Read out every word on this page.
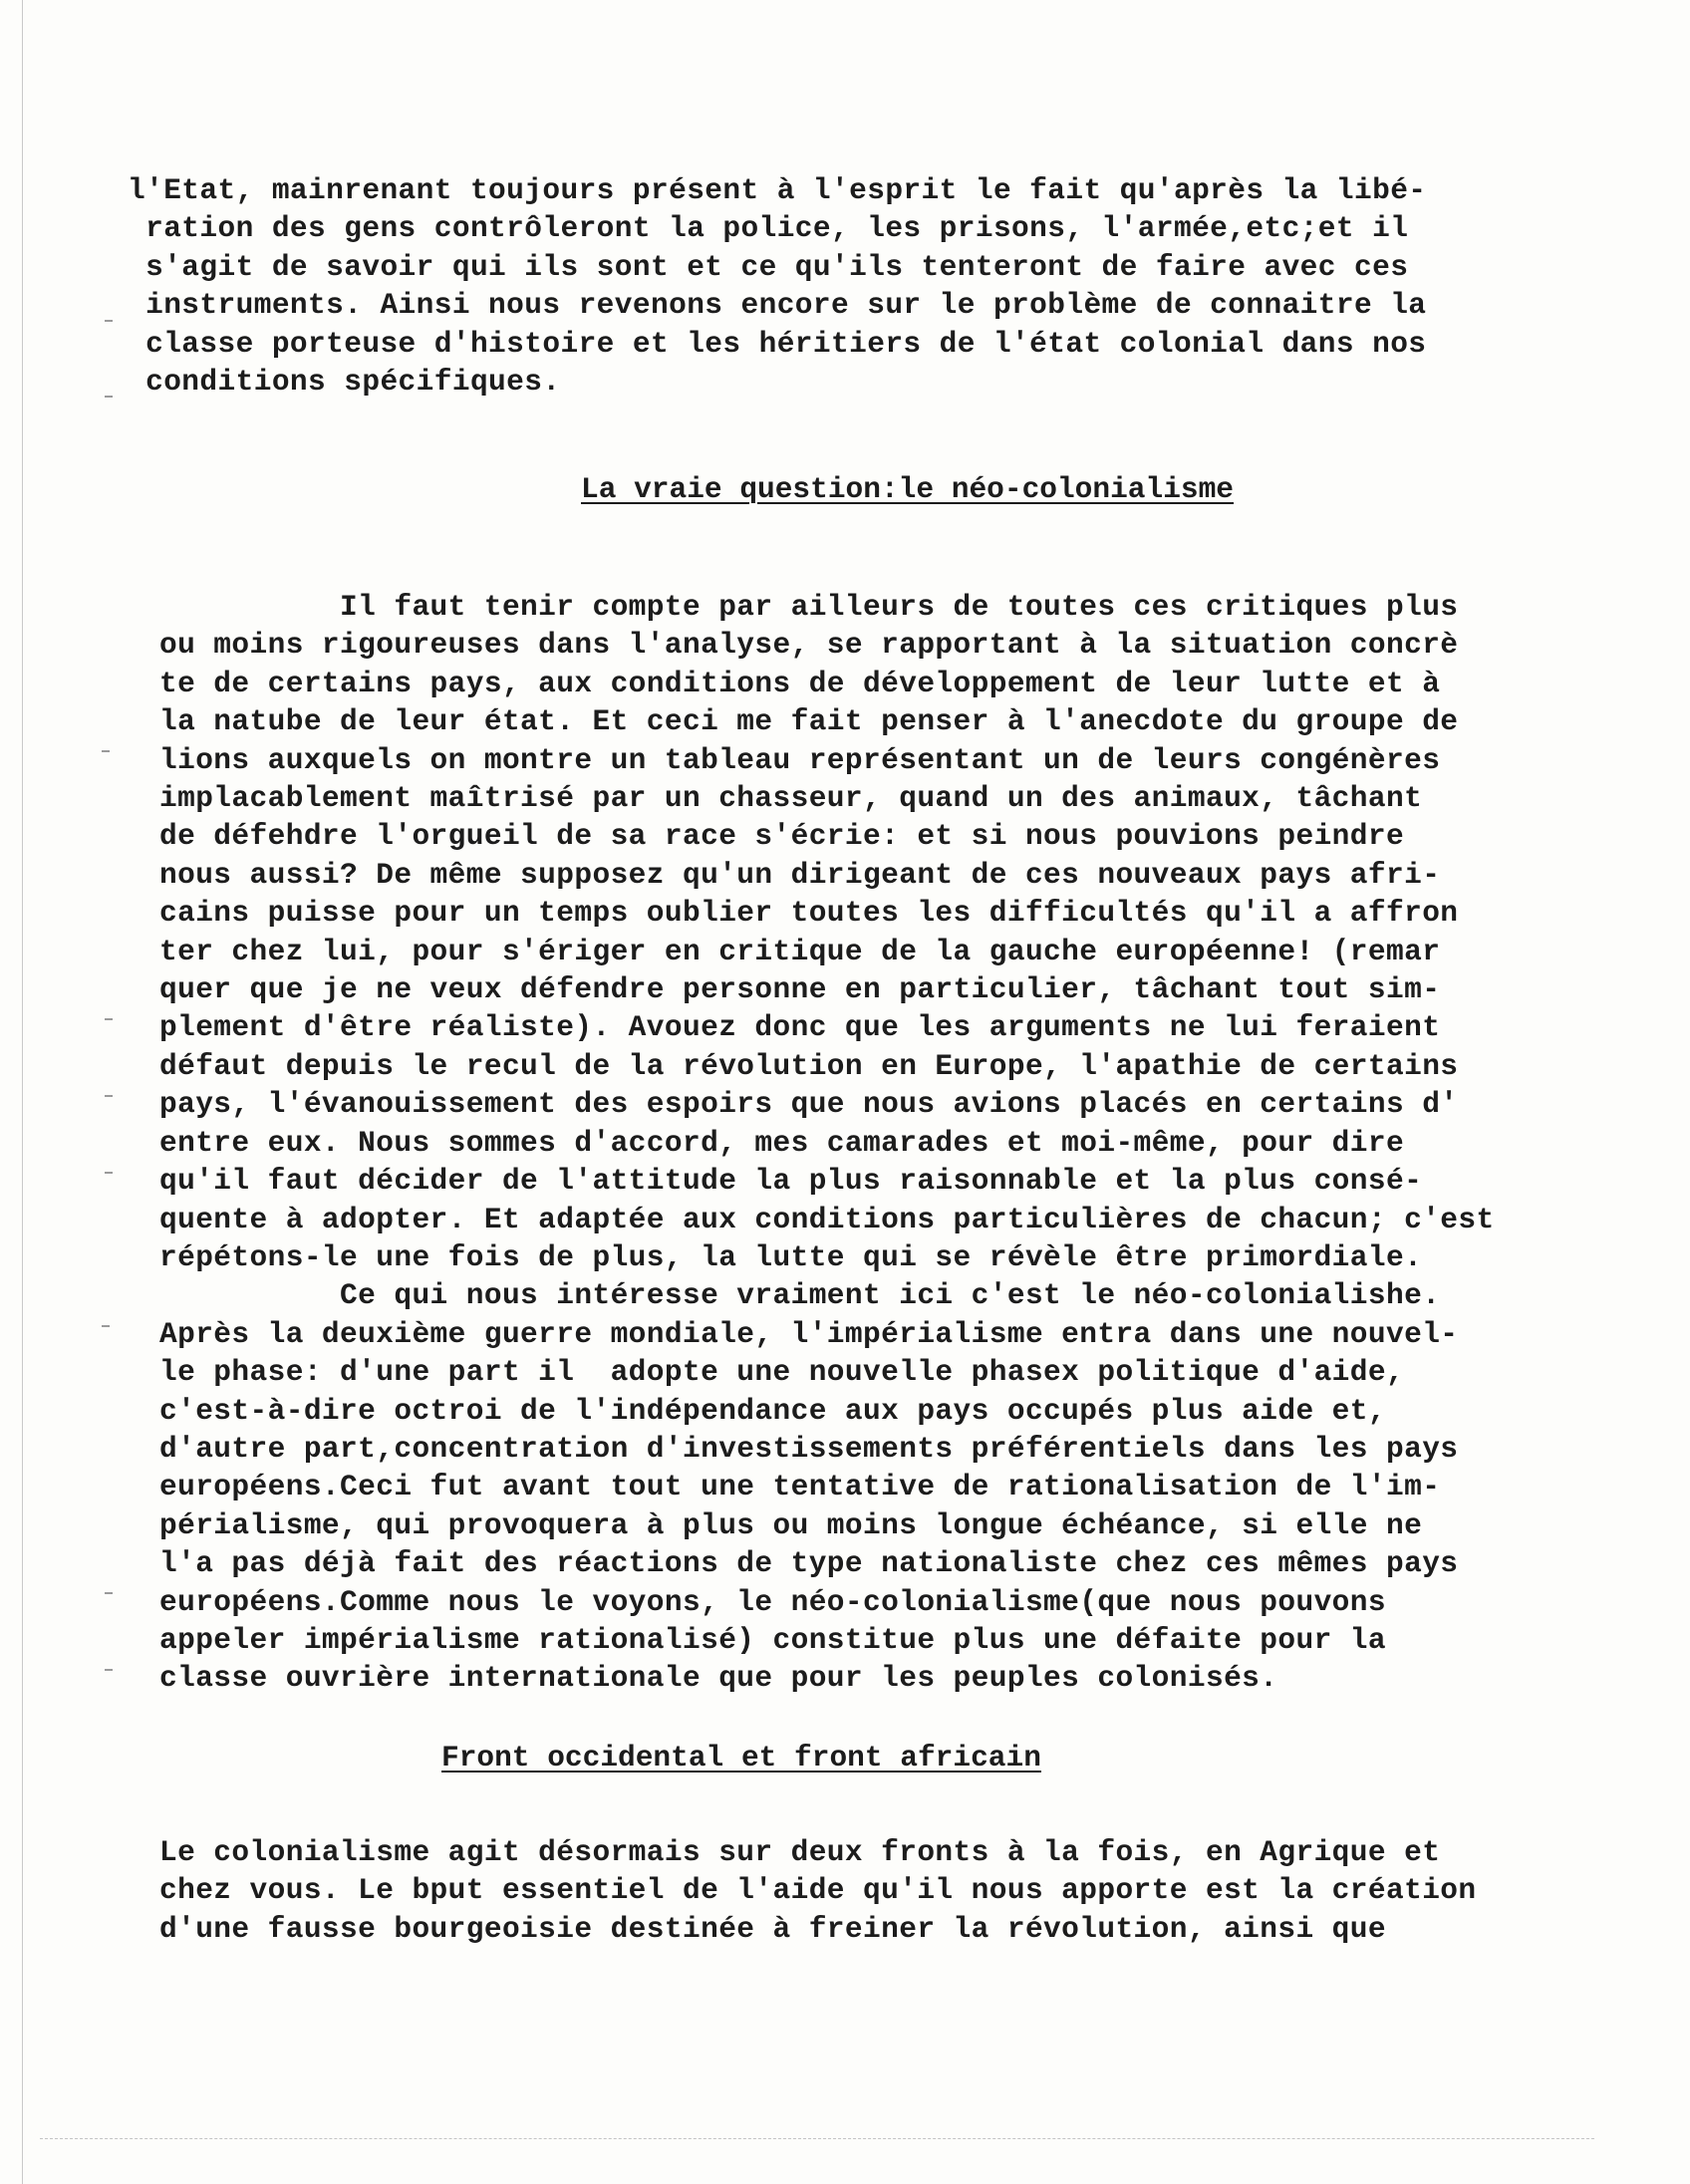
l'Etat, mainrenant toujours présent à l'esprit le fait qu'après la libé-
ration des gens contrôleront la police, les prisons, l'armée,etc;et il
s'agit de savoir qui ils sont et ce qu'ils tenteront de faire avec ces
instruments. Ainsi nous revenons encore sur le problème de connaitre la
classe porteuse d'histoire et les héritiers de l'état colonial dans nos
conditions spécifiques.
La vraie question:le néo-colonialisme
Il faut tenir compte par ailleurs de toutes ces critiques plus
ou moins rigoureuses dans l'analyse, se rapportant à la situation concrè
te de certains pays, aux conditions de développement de leur lutte et à
la natube de leur état. Et ceci me fait penser à l'anecdote du groupe de
lions auxquels on montre un tableau représentant un de leurs congénères
implacablement maîtrisé par un chasseur, quand un des animaux, tâchant
de défehdre l'orgueil de sa race s'écrie: et si nous pouvions peindre
nous aussi? De même supposez qu'un dirigeant de ces nouveaux pays afri-
cains puisse pour un temps oublier toutes les difficultés qu'il a affron
ter chez lui, pour s'ériger en critique de la gauche européenne! (remar
quer que je ne veux défendre personne en particulier, tâchant tout sim-
plement d'être réaliste). Avouez donc que les arguments ne lui feraient
défaut depuis le recul de la révolution en Europe, l'apathie de certains
pays, l'évanouissement des espoirs que nous avions placés en certains d'
entre eux. Nous sommes d'accord, mes camarades et moi-même, pour dire
qu'il faut décider de l'attitude la plus raisonnable et la plus consé-
quente à adopter. Et adaptée aux conditions particulières de chacun; c'est
répétons-le une fois de plus, la lutte qui se révèle être primordiale.
Ce qui nous intéresse vraiment ici c'est le néo-colonialishe.
Après la deuxième guerre mondiale, l'impérialisme entra dans une nouvel-
le phase: d'une part il  adopte une nouvelle phasex politique d'aide,
c'est-à-dire octroi de l'indépendance aux pays occupés plus aide et,
d'autre part,concentration d'investissements préférentiels dans les pays
européens.Ceci fut avant tout une tentative de rationalisation de l'im-
périalisme, qui provoquera à plus ou moins longue échéance, si elle ne
l'a pas déjà fait des réactions de type nationaliste chez ces mêmes pays
européens.Comme nous le voyons, le néo-colonialisme(que nous pouvons
appeler impérialisme rationalisé) constitue plus une défaite pour la
classe ouvrière internationale que pour les peuples colonisés.
Front occidental et front africain
Le colonialisme agit désormais sur deux fronts à la fois, en Agrique et
chez vous. Le bput essentiel de l'aide qu'il nous apporte est la création
d'une fausse bourgeoisie destinée à freiner la révolution, ainsi que
